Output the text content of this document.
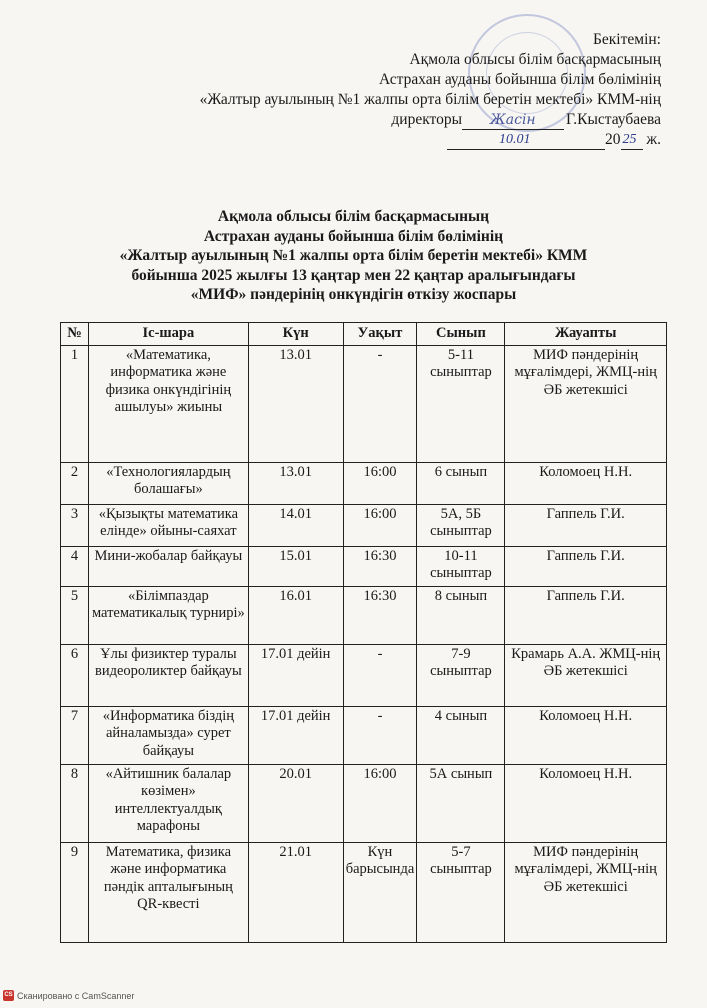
Бекітемін:
Ақмола облысы білім басқармасының
Астрахан ауданы бойынша білім бөлімінің
«Жалтыр ауылының №1 жалпы орта білім беретін мектебі» КММ-нің
директоры Жасін Г.Кыстаубаева
10.01	20 25 ж.
Ақмола облысы білім басқармасының
Астрахан ауданы бойынша білім бөлімінің
«Жалтыр ауылының №1 жалпы орта білім беретін мектебі» КММ
бойынша 2025 жылғы 13 қаңтар мен 22 қаңтар аралығындағы
«МИФ» пәндерінің онкүндігін өткізу жоспары
№	Іс-шара	Күн	Уақыт	Сынып	Жауапты
1	«Математика, информатика және физика онкүндігінің ашылуы» жиыны	13.01	-	5-11 сыныптар	МИФ пәндерінің мұғалімдері, ЖМЦ-нің ӘБ жетекшісі
2	«Технологиялардың болашағы»	13.01	16:00	6 сынып	Коломоец Н.Н.
3	«Қызықты математика елінде» ойыны-саяхат	14.01	16:00	5А, 5Б сыныптар	Гаппель Г.И.
4	Мини-жобалар байқауы	15.01	16:30	10-11 сыныптар	Гаппель Г.И.
5	«Білімпаздар математикалық турнирі»	16.01	16:30	8 сынып	Гаппель Г.И.
6	Ұлы физиктер туралы видеороликтер байқауы	17.01 дейін	-	7-9 сыныптар	Крамарь А.А. ЖМЦ-нің ӘБ жетекшісі
7	«Информатика біздің айналамызда» сурет байқауы	17.01 дейін	-	4 сынып	Коломоец Н.Н.
8	«Айтишник балалар көзімен» интеллектуалдық марафоны	20.01	16:00	5А сынып	Коломоец Н.Н.
9	Математика, физика және информатика пәндік апталығының QR-квесті	21.01	Күн барысында	5-7 сыныптар	МИФ пәндерінің мұғалімдері, ЖМЦ-нің ӘБ жетекшісі
CS Сканировано с CamScanner
